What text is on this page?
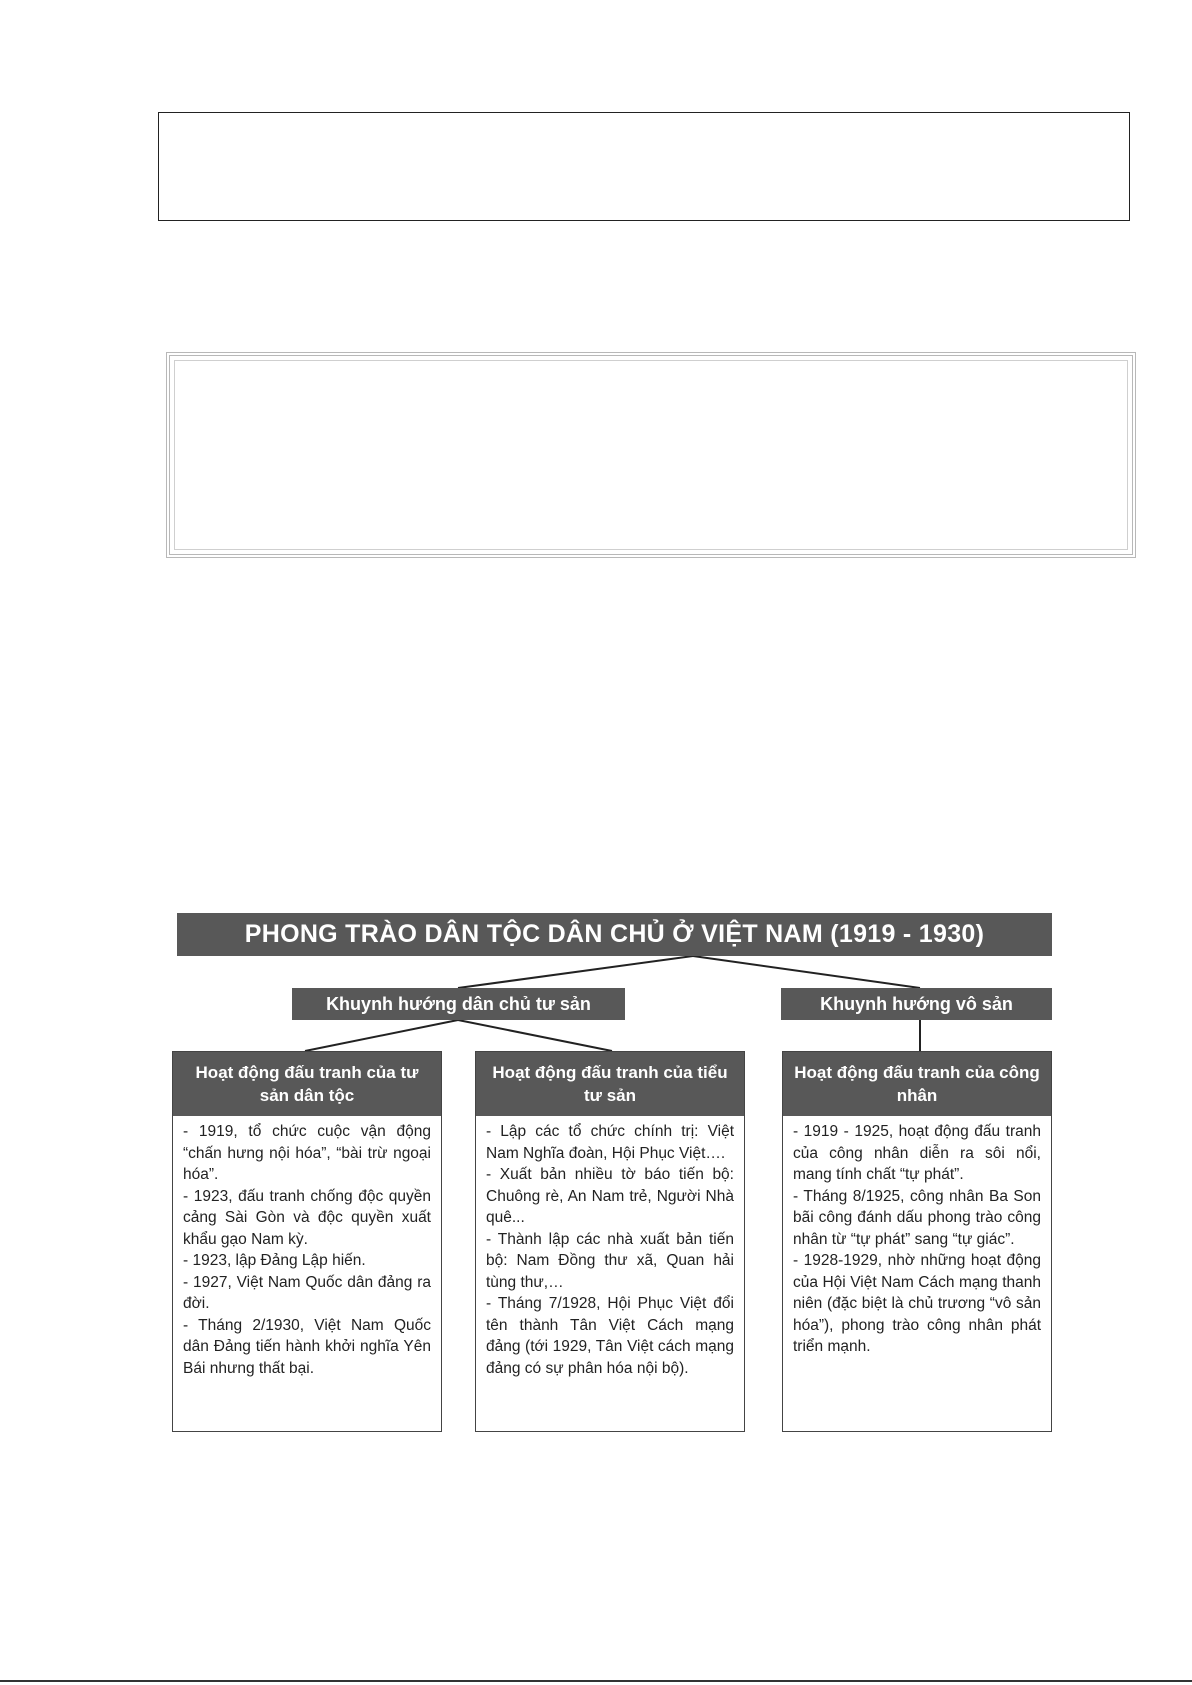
PHONG TRÀO DÂN TỘC DÂN CHỦ Ở VIỆT NAM (1919 - 1930)
Khuynh hướng dân chủ tư sản	Khuynh hướng vô sản
Hoạt động đấu tranh của tư sản dân tộc
- 1919, tổ chức cuộc vận động “chấn hưng nội hóa”, “bài trừ ngoại hóa”.
- 1923, đấu tranh chống độc quyền cảng Sài Gòn và độc quyền xuất khẩu gạo Nam kỳ.
- 1923, lập Đảng Lập hiến.
- 1927, Việt Nam Quốc dân đảng ra đời.
- Tháng 2/1930, Việt Nam Quốc dân Đảng tiến hành khởi nghĩa Yên Bái nhưng thất bại.
Hoạt động đấu tranh của tiểu tư sản
- Lập các tổ chức chính trị: Việt Nam Nghĩa đoàn, Hội Phục Việt….
- Xuất bản nhiều tờ báo tiến bộ: Chuông rè, An Nam trẻ, Người Nhà quê...
- Thành lập các nhà xuất bản tiến bộ: Nam Đồng thư xã, Quan hải tùng thư,…
- Tháng 7/1928, Hội Phục Việt đổi tên thành Tân Việt Cách mạng đảng (tới 1929, Tân Việt cách mạng đảng có sự phân hóa nội bộ).
Hoạt động đấu tranh của công nhân
- 1919 - 1925, hoạt động đấu tranh của công nhân diễn ra sôi nổi, mang tính chất “tự phát”.
- Tháng 8/1925, công nhân Ba Son bãi công đánh dấu phong trào công nhân từ “tự phát” sang “tự giác”.
- 1928-1929, nhờ những hoạt động của Hội Việt Nam Cách mạng thanh niên (đặc biệt là chủ trương “vô sản hóa”), phong trào công nhân phát triển mạnh.
